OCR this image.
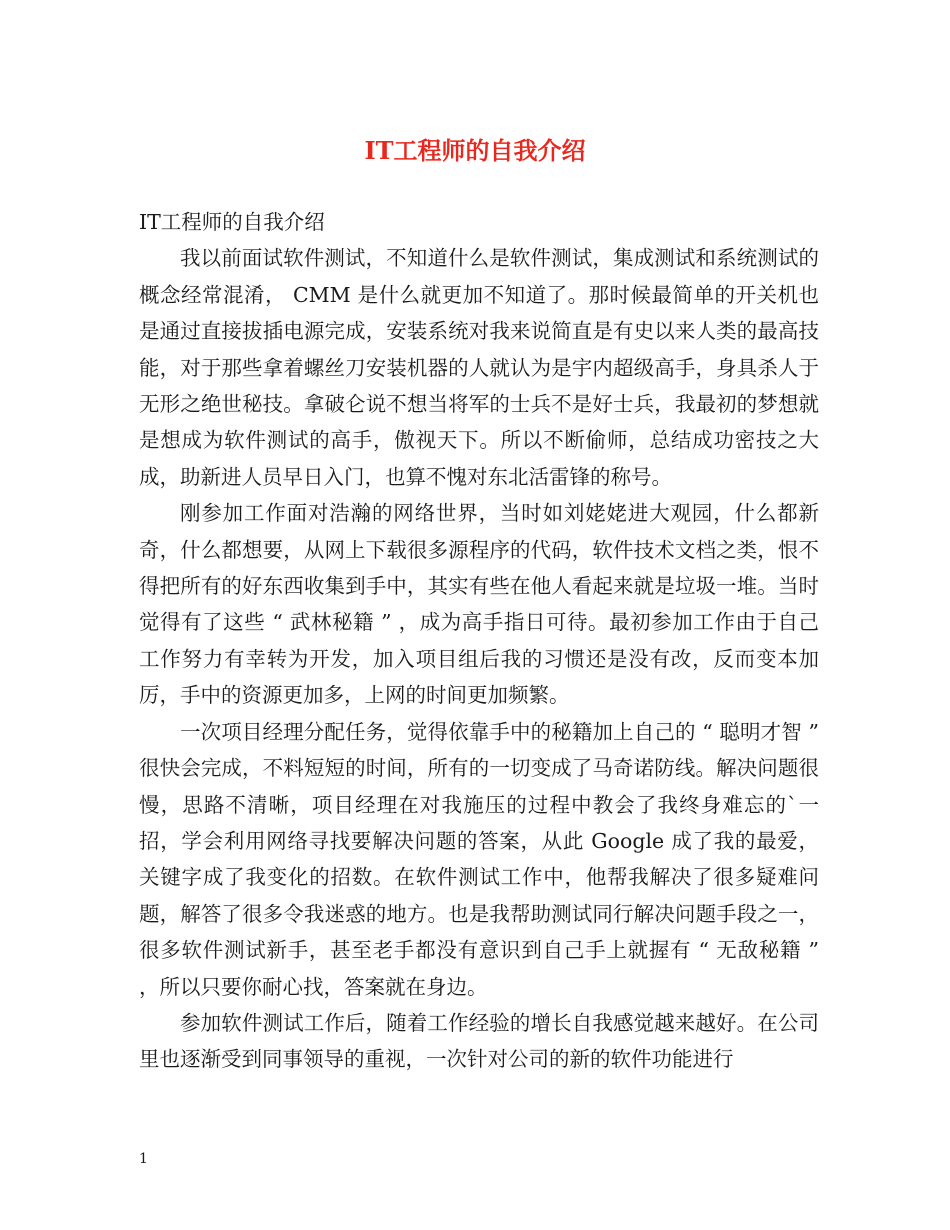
IT工程师的自我介绍

IT工程师的自我介绍

我以前面试软件测试，不知道什么是软件测试，集成测试和系统测试的概念经常混淆， CMM 是什么就更加不知道了。那时候最简单的开关机也是通过直接拔插电源完成，安装系统对我来说简直是有史以来人类的最高技能，对于那些拿着螺丝刀安装机器的人就认为是宇内超级高手，身具杀人于无形之绝世秘技。拿破仑说不想当将军的士兵不是好士兵，我最初的梦想就是想成为软件测试的高手，傲视天下。所以不断偷师，总结成功密技之大成，助新进人员早日入门，也算不愧对东北活雷锋的称号。

刚参加工作面对浩瀚的网络世界，当时如刘姥姥进大观园，什么都新奇，什么都想要，从网上下载很多源程序的代码，软件技术文档之类，恨不得把所有的好东西收集到手中，其实有些在他人看起来就是垃圾一堆。当时觉得有了这些 “ 武林秘籍 ” ，成为高手指日可待。最初参加工作由于自己工作努力有幸转为开发，加入项目组后我的习惯还是没有改，反而变本加厉，手中的资源更加多，上网的时间更加频繁。

一次项目经理分配任务，觉得依靠手中的秘籍加上自己的 “ 聪明才智 ” 很快会完成，不料短短的时间，所有的一切变成了马奇诺防线。解决问题很慢，思路不清晰，项目经理在对我施压的过程中教会了我终身难忘的`一招，学会利用网络寻找要解决问题的答案，从此 Google 成了我的最爱，关键字成了我变化的招数。在软件测试工作中，他帮我解决了很多疑难问题，解答了很多令我迷惑的地方。也是我帮助测试同行解决问题手段之一，很多软件测试新手，甚至老手都没有意识到自己手上就握有 “ 无敌秘籍 ” ，所以只要你耐心找，答案就在身边。

参加软件测试工作后，随着工作经验的增长自我感觉越来越好。在公司里也逐渐受到同事领导的重视，一次针对公司的新的软件功能进行

1
